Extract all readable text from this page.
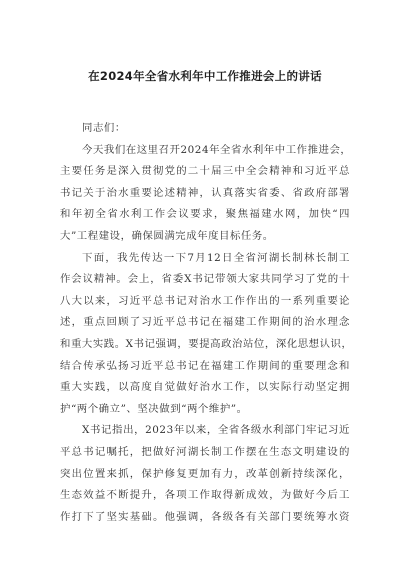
在2024年全省水利年中工作推进会上的讲话
同志们：
今天我们在这里召开2024年全省水利年中工作推进会，
主要任务是深入贯彻党的二十届三中全会精神和习近平总
书记关于治水重要论述精神，认真落实省委、省政府部署
和年初全省水利工作会议要求，聚焦福建水网，加快“四
大”工程建设，确保圆满完成年度目标任务。
下面，我先传达一下7月12日全省河湖长制林长制工
作会议精神。会上，省委X书记带领大家共同学习了党的十
八大以来，习近平总书记对治水工作作出的一系列重要论
述，重点回顾了习近平总书记在福建工作期间的治水理念
和重大实践。X书记强调，要提高政治站位，深化思想认识，
结合传承弘扬习近平总书记在福建工作期间的重要理念和
重大实践，以高度自觉做好治水工作，以实际行动坚定拥
护“两个确立”、坚决做到“两个维护”。
X书记指出，2023年以来，全省各级水利部门牢记习近
平总书记嘱托，把做好河湖长制工作摆在生态文明建设的
突出位置来抓，保护修复更加有力，改革创新持续深化，
生态效益不断提升，各项工作取得新成效，为做好今后工
作打下了坚实基础。他强调，各级各有关部门要统筹水资
